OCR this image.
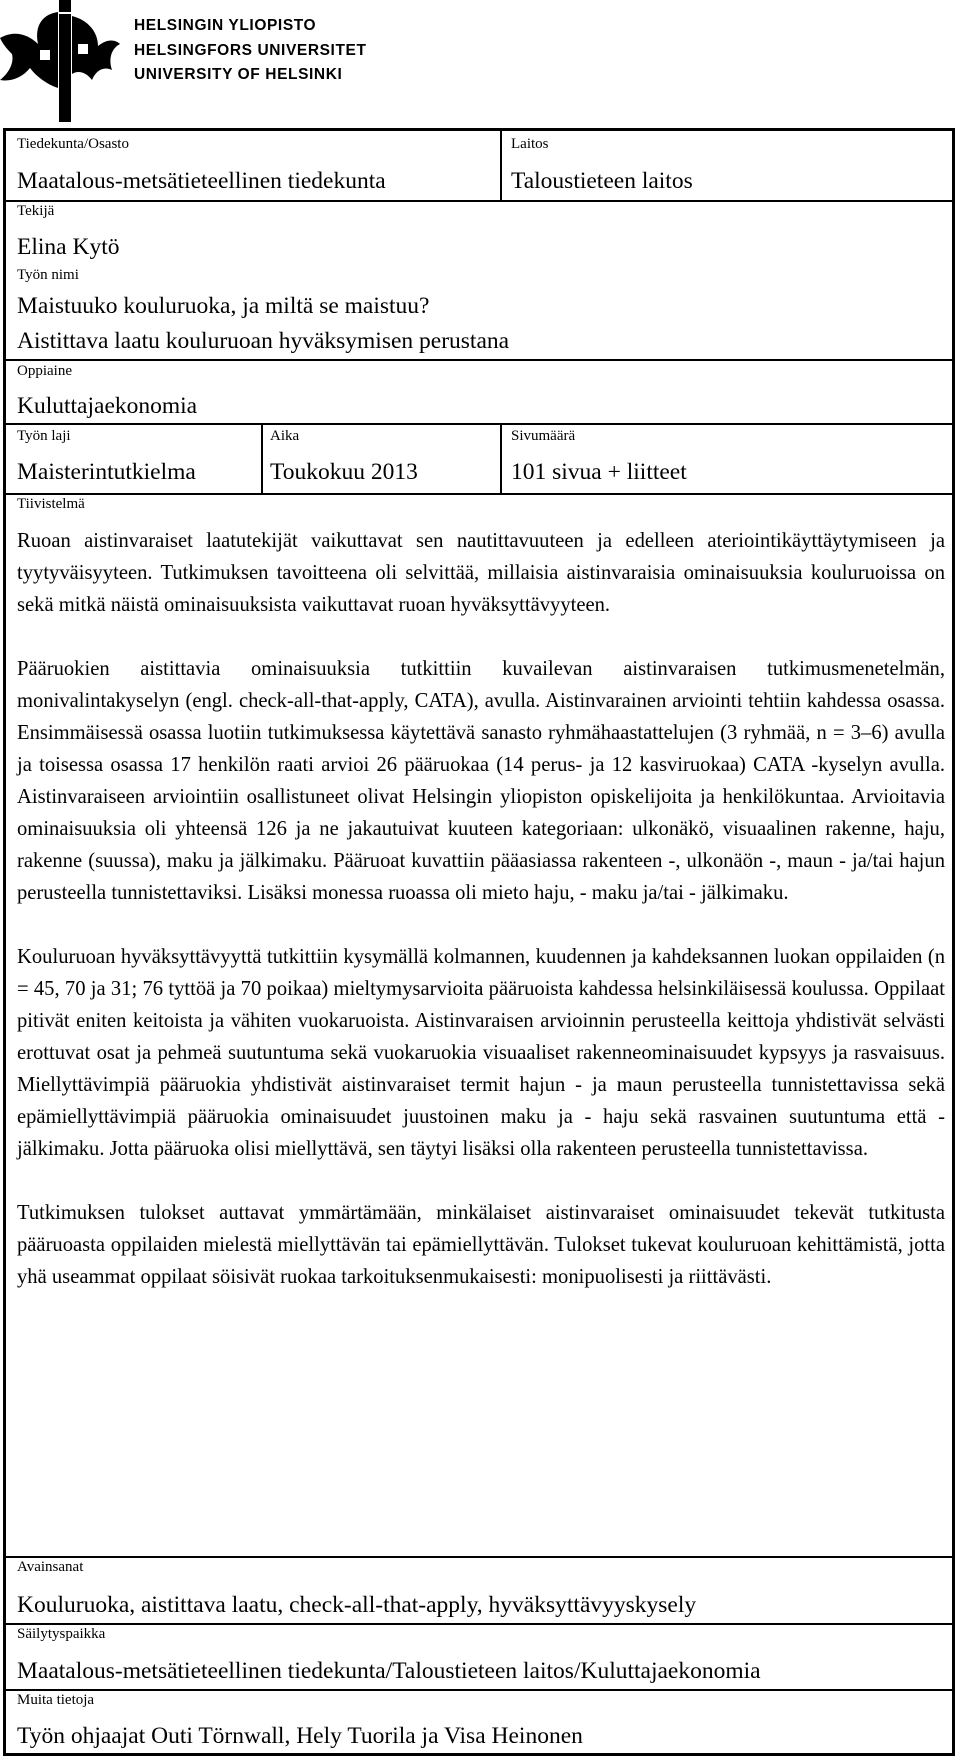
HELSINGIN YLIOPISTO
HELSINGFORS UNIVERSITET
UNIVERSITY OF HELSINKI
Tiedekunta/Osasto
Maatalous-metsätieteellinen tiedekunta
Laitos
Taloustieteen laitos
Tekijä
Elina Kytö
Työn nimi
Maistuuko kouluruoka, ja miltä se maistuu?
Aistittava laatu kouluruoan hyväksymisen perustana
Oppiaine
Kuluttajaekonomia
Työn laji
Maisterintutkielma
Aika
Toukokuu 2013
Sivumäärä
101 sivua + liitteet
Tiivistelmä

Ruoan aistinvaraiset laatutekijät vaikuttavat sen nautittavuuteen ja edelleen ateriointikäyttäytymiseen ja tyytyväisyyteen. Tutkimuksen tavoitteena oli selvittää, millaisia aistinvaraisia ominaisuuksia kouluruoissa on sekä mitkä näistä ominaisuuksista vaikuttavat ruoan hyväksyttävyyteen.

Pääruokien aistittavia ominaisuuksia tutkittiin kuvailevan aistinvaraisen tutkimusmenetelmän, monivalintakyselyn (engl. check-all-that-apply, CATA), avulla. Aistinvarainen arviointi tehtiin kahdessa osassa. Ensimmäisessä osassa luotiin tutkimuksessa käytettävä sanasto ryhmähaastattelujen (3 ryhmää, n = 3–6) avulla ja toisessa osassa 17 henkilön raati arvioi 26 pääruokaa (14 perus- ja 12 kasviruokaa) CATA -kyselyn avulla. Aistinvaraiseen arviointiin osallistuneet olivat Helsingin yliopiston opiskelijoita ja henkilökuntaa. Arvioitavia ominaisuuksia oli yhteensä 126 ja ne jakautuivat kuuteen kategoriaan: ulkonäkö, visuaalinen rakenne, haju, rakenne (suussa), maku ja jälkimaku. Pääruoat kuvattiin pääasiassa rakenteen -, ulkonäön -, maun - ja/tai hajun perusteella tunnistettaviksi. Lisäksi monessa ruoassa oli mieto haju, - maku ja/tai - jälkimaku.

Kouluruoan hyväksyttävyyttä tutkittiin kysymällä kolmannen, kuudennen ja kahdeksannen luokan oppilaiden (n = 45, 70 ja 31; 76 tyttöä ja 70 poikaa) mieltymysarvioita pääruoista kahdessa helsinkiläisessä koulussa. Oppilaat pitivät eniten keitoista ja vähiten vuokaruoista. Aistinvaraisen arvioinnin perusteella keittoja yhdistivät selvästi erottuvat osat ja pehmeä suutuntuma sekä vuokaruokia visuaaliset rakenneominaisuudet kypsyys ja rasvaisuus. Miellyttävimpiä pääruokia yhdistivät aistinvaraiset termit hajun - ja maun perusteella tunnistettavissa sekä epämiellyttävimpiä pääruokia ominaisuudet juustoinen maku ja - haju sekä rasvainen suutuntuma että - jälkimaku. Jotta pääruoka olisi miellyttävä, sen täytyi lisäksi olla rakenteen perusteella tunnistettavissa.

Tutkimuksen tulokset auttavat ymmärtämään, minkälaiset aistinvaraiset ominaisuudet tekevät tutkitusta pääruoasta oppilaiden mielestä miellyttävän tai epämiellyttävän. Tulokset tukevat kouluruoan kehittämistä, jotta yhä useammat oppilaat söisivät ruokaa tarkoituksenmukaisesti: monipuolisesti ja riittävästi.

Avainsanat
Kouluruoka, aistittava laatu, check-all-that-apply, hyväksyttävyyskysely
Säilytyspaikka
Maatalous-metsätieteellinen tiedekunta/Taloustieteen laitos/Kuluttajaekonomia
Muita tietoja
Työn ohjaajat Outi Törnwall, Hely Tuorila ja Visa Heinonen
